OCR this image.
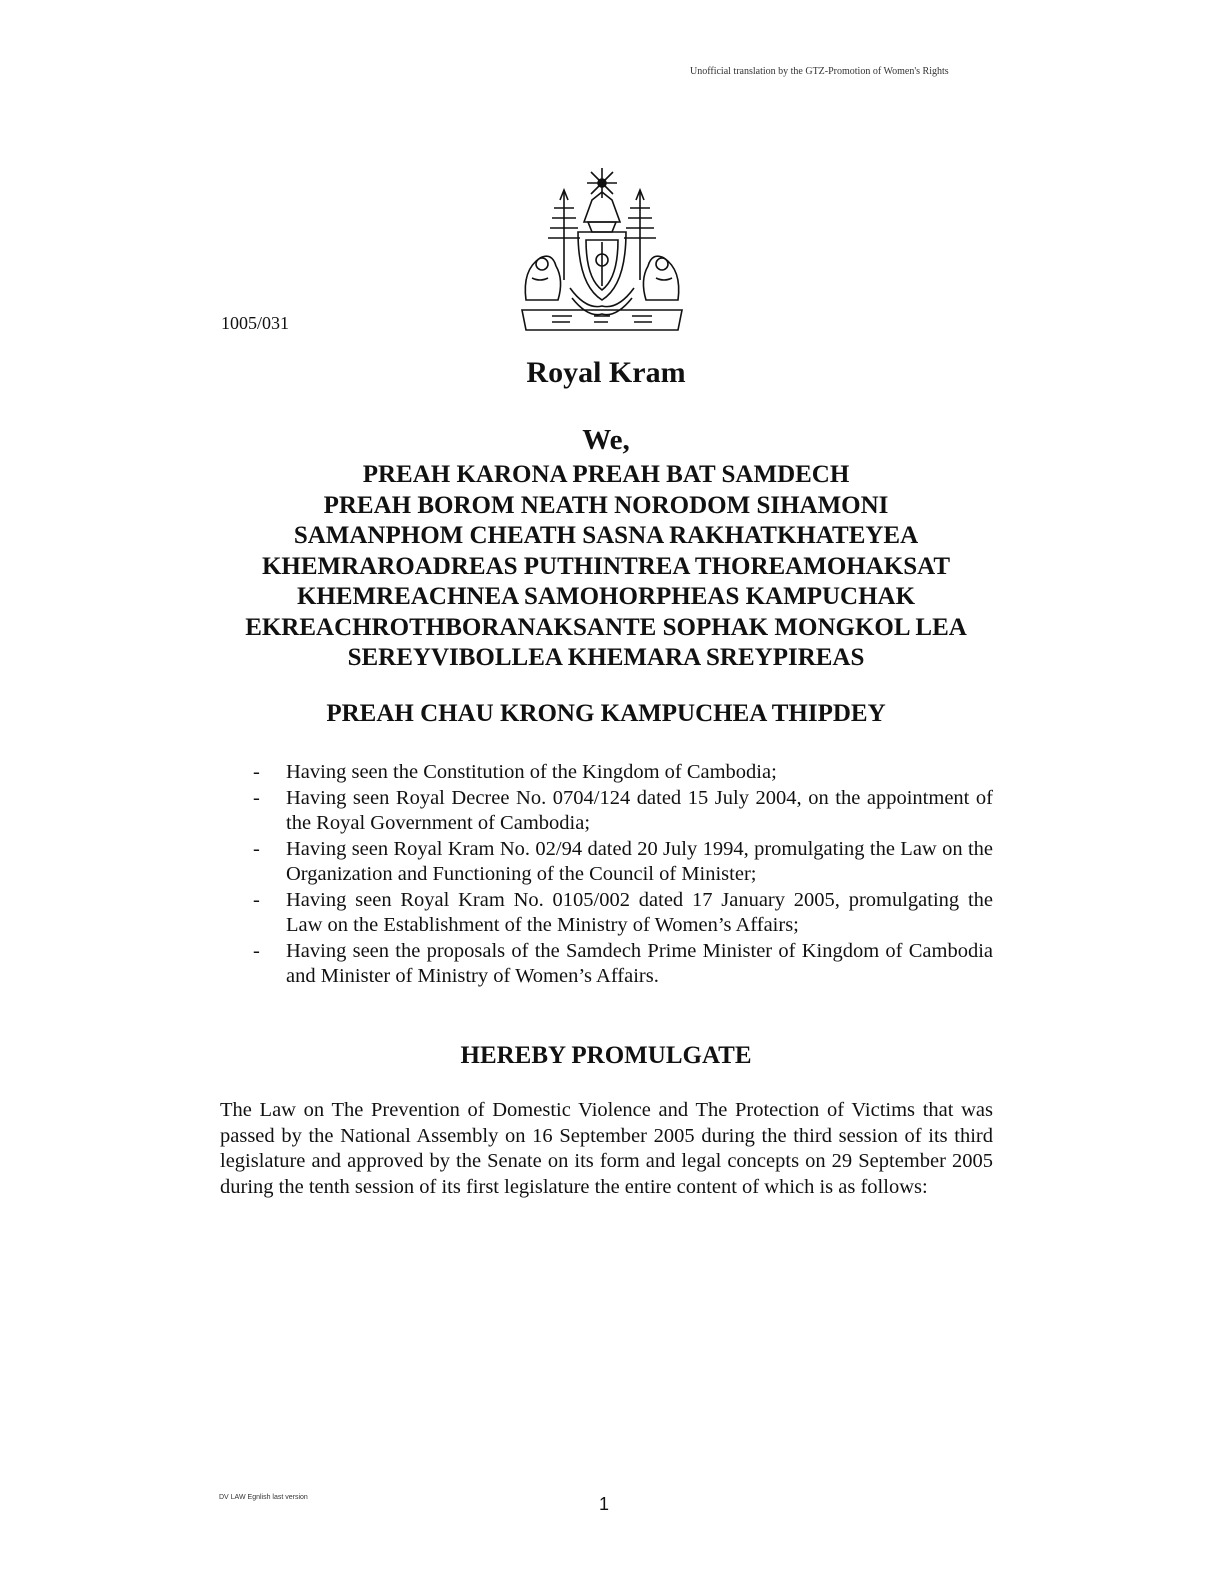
Unofficial translation by the GTZ-Promotion of Women's Rights
1005/031
Royal Kram
We,
PREAH KARONA PREAH BAT SAMDECH
PREAH BOROM NEATH NORODOM SIHAMONI
SAMANPHOM CHEATH SASNA RAKHATKHATEYEA
KHEMRAROADREAS PUTHINTREA THOREAMOHAKSAT
KHEMREACHNEA SAMOHORPHEAS KAMPUCHAK
EKREACHROTHBORANAKSANTE SOPHAK MONGKOL LEA
SEREYVIBOLLEA KHEMARA SREYPIREAS
PREAH CHAU KRONG KAMPUCHEA THIPDEY
- Having seen the Constitution of the Kingdom of Cambodia;
- Having seen Royal Decree No. 0704/124 dated 15 July 2004, on the appointment of the Royal Government of Cambodia;
- Having seen Royal Kram No. 02/94 dated 20 July 1994, promulgating the Law on the Organization and Functioning of the Council of Minister;
- Having seen Royal Kram No. 0105/002 dated 17 January 2005, promulgating the Law on the Establishment of the Ministry of Women’s Affairs;
- Having seen the proposals of the Samdech Prime Minister of Kingdom of Cambodia and Minister of Ministry of Women’s Affairs.
HEREBY PROMULGATE

The Law on The Prevention of Domestic Violence and The Protection of Victims that was passed by the National Assembly on 16 September 2005 during the third session of its third legislature and approved by the Senate on its form and legal concepts on 29 September 2005 during the tenth session of its first legislature the entire content of which is as follows:

DV LAW Egnlish last version	1
